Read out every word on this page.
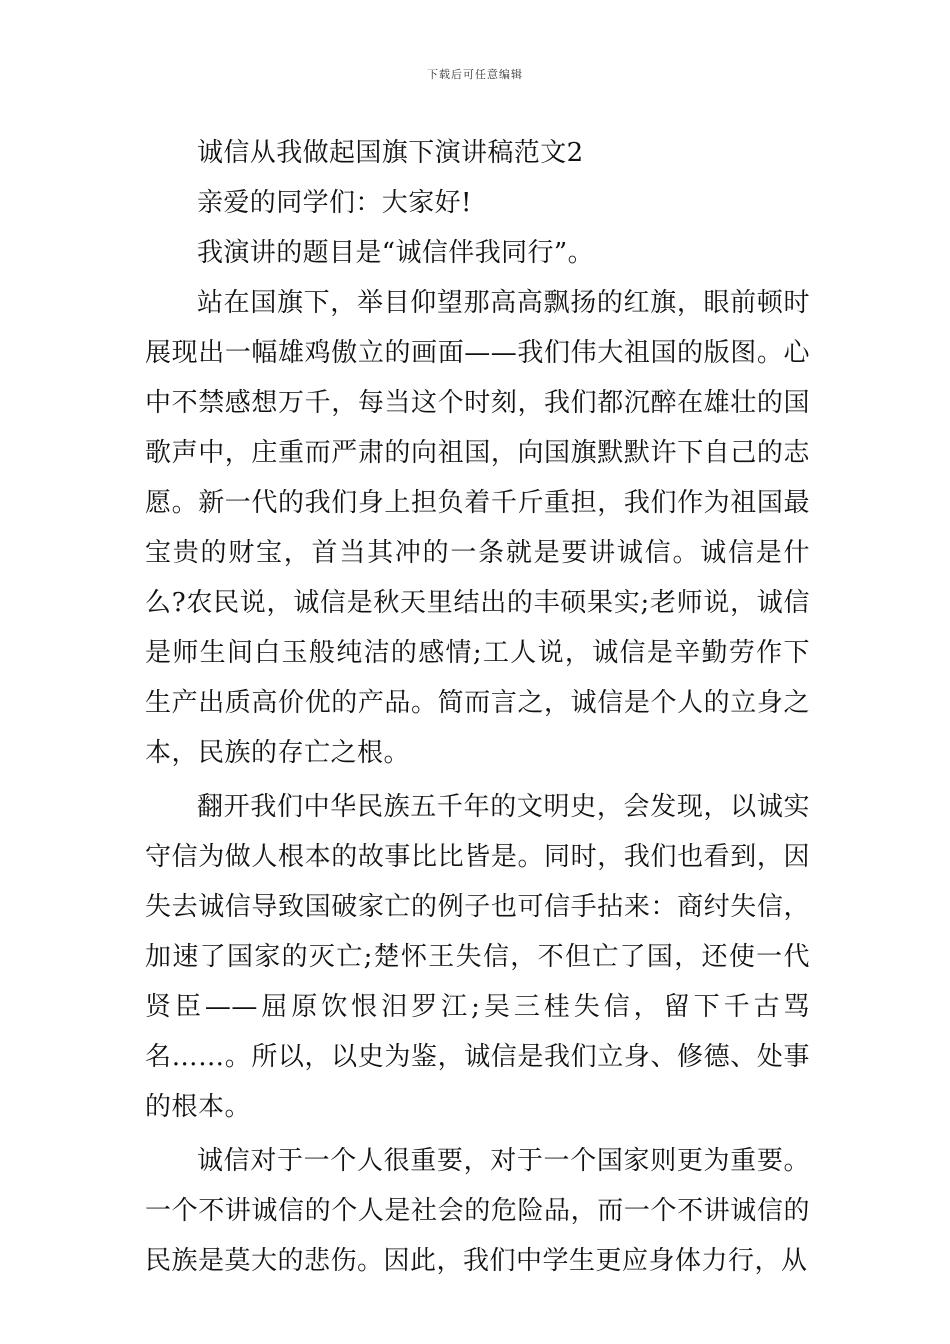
下载后可任意编辑

诚信从我做起国旗下演讲稿范文2

亲爱的同学们：大家好!

我演讲的题目是“诚信伴我同行”。

站在国旗下，举目仰望那高高飘扬的红旗，眼前顿时展现出一幅雄鸡傲立的画面——我们伟大祖国的版图。心中不禁感想万千，每当这个时刻，我们都沉醉在雄壮的国歌声中，庄重而严肃的向祖国，向国旗默默许下自己的志愿。新一代的我们身上担负着千斤重担，我们作为祖国最宝贵的财宝，首当其冲的一条就是要讲诚信。诚信是什么?农民说，诚信是秋天里结出的丰硕果实;老师说，诚信是师生间白玉般纯洁的感情;工人说，诚信是辛勤劳作下生产出质高价优的产品。简而言之，诚信是个人的立身之本，民族的存亡之根。

翻开我们中华民族五千年的文明史，会发现，以诚实守信为做人根本的故事比比皆是。同时，我们也看到，因失去诚信导致国破家亡的例子也可信手拈来：商纣失信，加速了国家的灭亡;楚怀王失信，不但亡了国，还使一代贤臣——屈原饮恨汨罗江;吴三桂失信，留下千古骂名……。所以，以史为鉴，诚信是我们立身、修德、处事的根本。

诚信对于一个人很重要，对于一个国家则更为重要。一个不讲诚信的个人是社会的危险品，而一个不讲诚信的民族是莫大的悲伤。因此，我们中学生更应身体力行，从
